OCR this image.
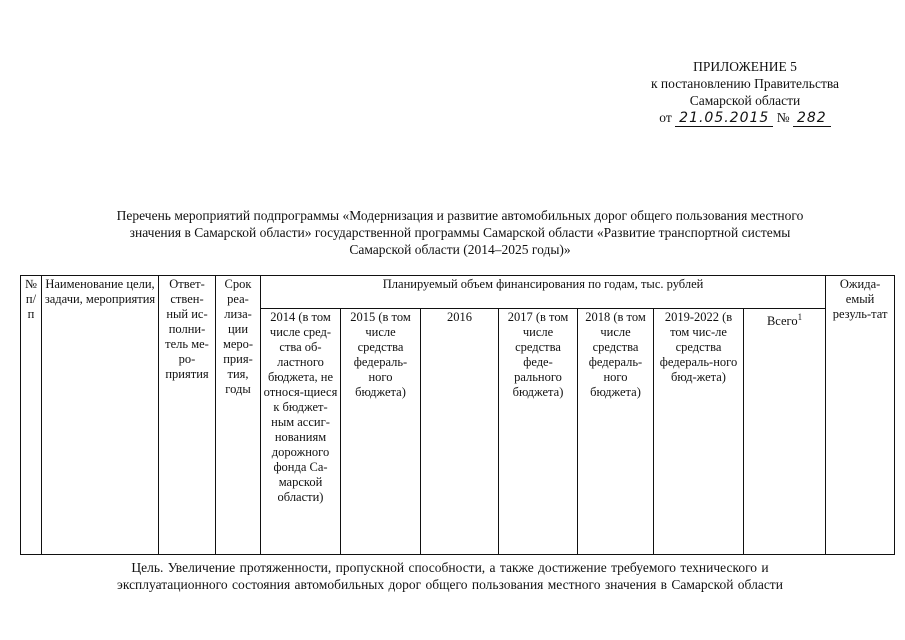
ПРИЛОЖЕНИЕ 5
к постановлению Правительства
Самарской области
от 21.05.2015 № 282
Перечень мероприятий подпрограммы «Модернизация и развитие автомобильных дорог общего пользования местного
значения в Самарской области» государственной программы Самарской области «Развитие транспортной системы
Самарской области (2014–2025 годы)»
№ п/п	Наименование цели, задачи, мероприятия	Ответ-ствен-ный ис-полни-тель ме-ро-приятия	Срок реа-лиза-ции меро-прия-тия, годы	Планируемый объем финансирования по годам, тыс. рублей							Ожида-емый резуль-тат
				2014 (в том числе сред-ства об-ластного бюджета, не относя-щиеся к бюджет-ным ассиг-нованиям дорожного фонда Са-марской области)	2015 (в том числе средства федераль-ного бюджета)	2016	2017 (в том числе средства феде-рального бюджета)	2018 (в том числе средства федераль-ного бюджета)	2019-2022 (в том чис-ле средства федераль-ного бюд-жета)	Всего$^1$
Цель. Увеличение протяженности, пропускной способности, а также достижение требуемого технического и
эксплуатационного состояния автомобильных дорог общего пользования местного значения в Самарской области
